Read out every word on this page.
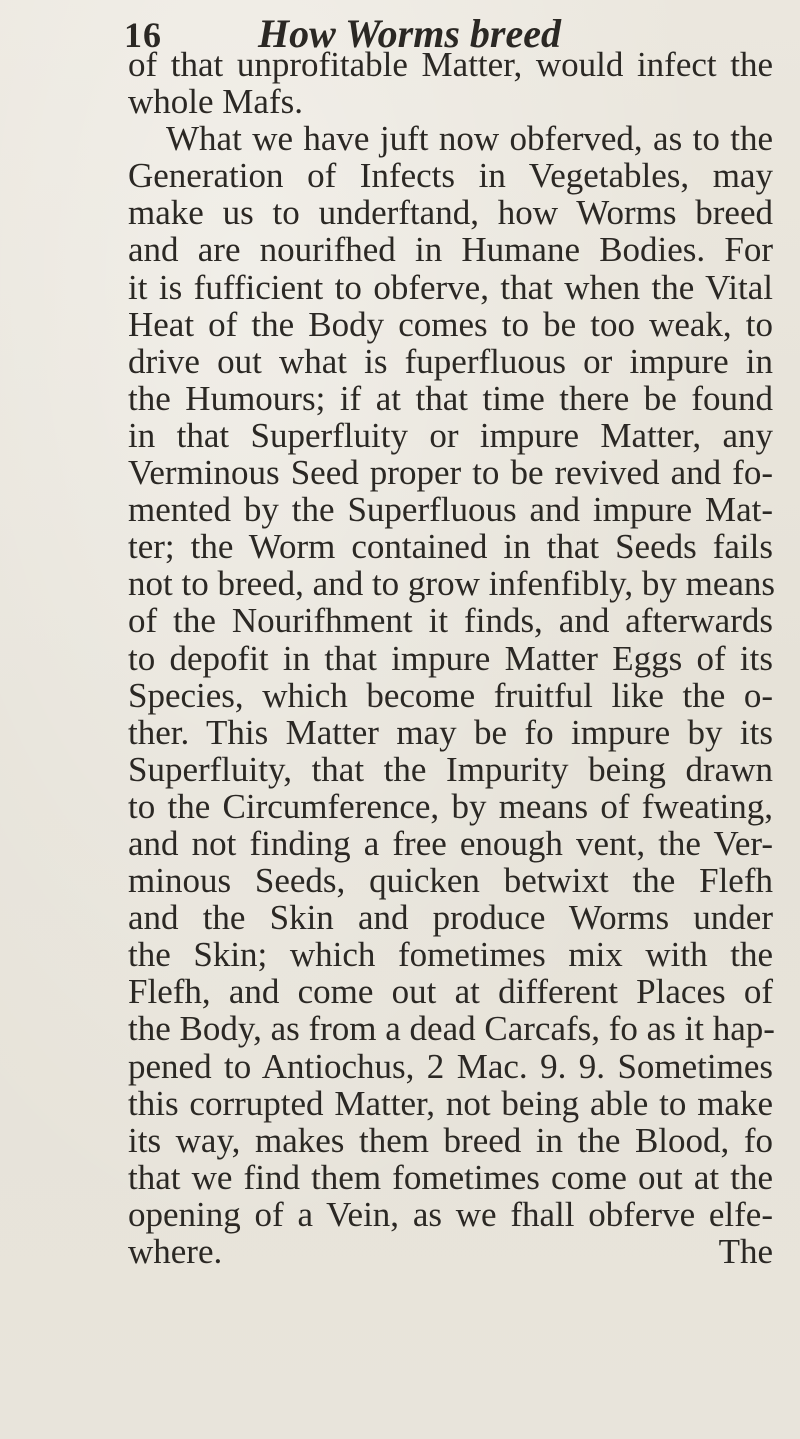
16 How Worms breed
of that unprofitable Matter, would infect the
whole Mafs.
What we have juft now obferved, as to the
Generation of Infects in Vegetables, may
make us to underftand, how Worms breed
and are nourifhed in Humane Bodies. For
it is fufficient to obferve, that when the Vital
Heat of the Body comes to be too weak, to
drive out what is fuperfluous or impure in
the Humours; if at that time there be found
in that Superfluity or impure Matter, any
Verminous Seed proper to be revived and fo-
mented by the Superfluous and impure Mat-
ter; the Worm contained in that Seeds fails
not to breed, and to grow infenfibly, by means
of the Nourifhment it finds, and afterwards
to depofit in that impure Matter Eggs of its
Species, which become fruitful like the o-
ther. This Matter may be fo impure by its
Superfluity, that the Impurity being drawn
to the Circumference, by means of fweating,
and not finding a free enough vent, the Ver-
minous Seeds, quicken betwixt the Flefh
and the Skin and produce Worms under
the Skin; which fometimes mix with the
Flefh, and come out at different Places of
the Body, as from a dead Carcafs, fo as it hap-
pened to Antiochus, 2 Mac. 9. 9. Sometimes
this corrupted Matter, not being able to make
its way, makes them breed in the Blood, fo
that we find them fometimes come out at the
opening of a Vein, as we fhall obferve elfe-
where.	The
